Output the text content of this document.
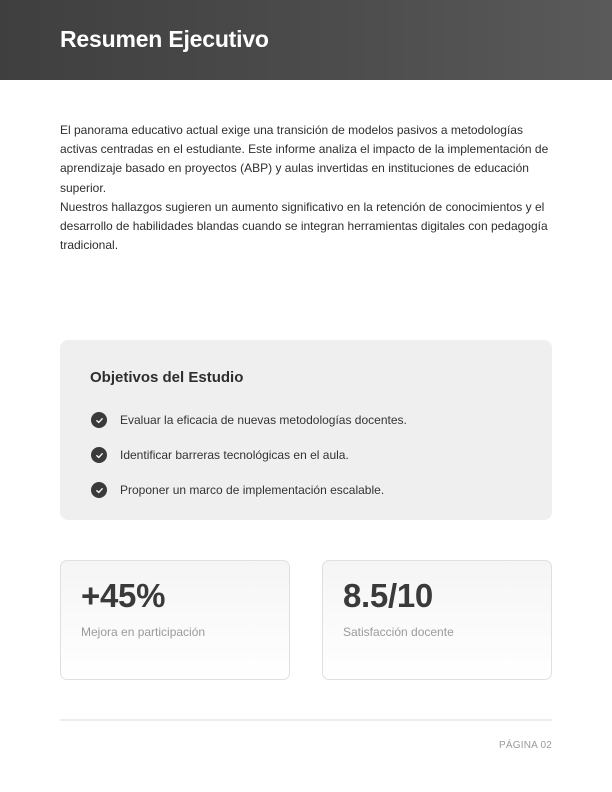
Resumen Ejecutivo

El panorama educativo actual exige una transición de modelos pasivos a metodologías activas centradas en el estudiante. Este informe analiza el impacto de la implementación de aprendizaje basado en proyectos (ABP) y aulas invertidas en instituciones de educación superior.

Nuestros hallazgos sugieren un aumento significativo en la retención de conocimientos y el desarrollo de habilidades blandas cuando se integran herramientas digitales con pedagogía tradicional.

Objetivos del Estudio
Evaluar la eficacia de nuevas metodologías docentes.
Identificar barreras tecnológicas en el aula.
Proponer un marco de implementación escalable.
+45%
Mejora en participación
8.5/10
Satisfacción docente
PÁGINA 02
